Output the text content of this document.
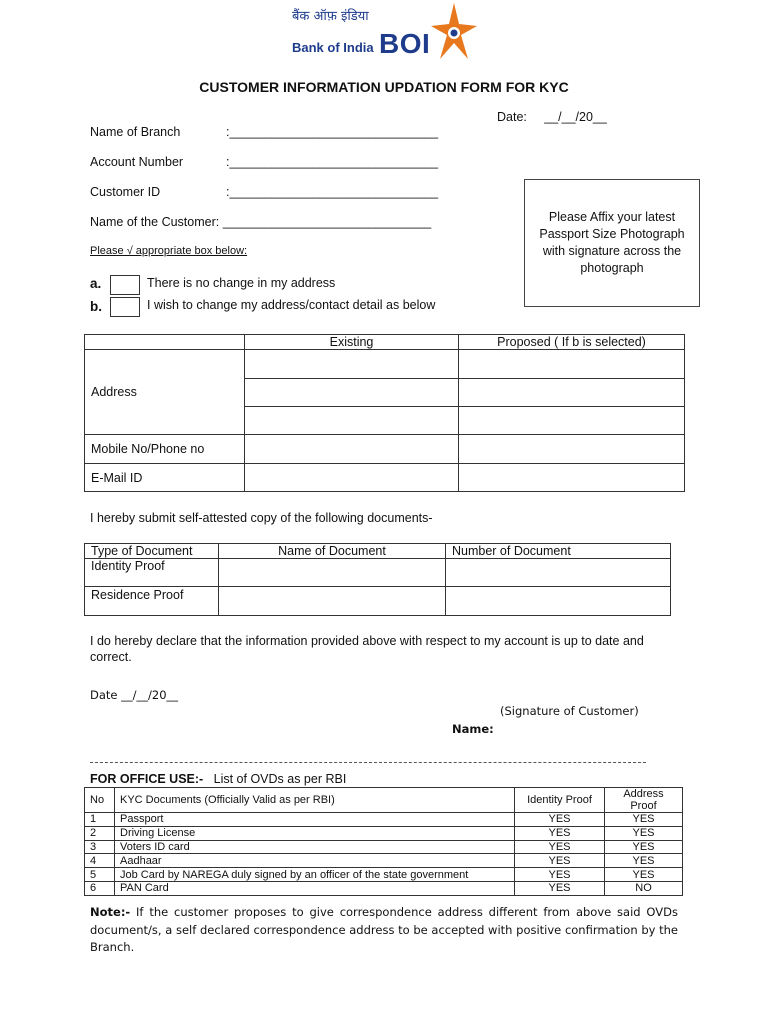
बैंक ऑफ़ इंडिया
Bank of India BOI
CUSTOMER INFORMATION UPDATION FORM FOR KYC
Date:     __/__/20__
Name of Branch	:______________________________
Account Number	:______________________________
Customer ID	:______________________________
Name of the Customer: ______________________________
Please √ appropriate box below:
Please Affix your latest Passport Size Photograph with signature across the photograph
a.	There is no change in my address
b.	I wish to change my address/contact detail as below
	Existing	Proposed ( If b is selected)
Address		

Mobile No/Phone no		
E-Mail ID		
I hereby submit self-attested copy of the following documents-
Type of Document	Name of Document	Number of Document
Identity Proof		
Residence Proof		
I do hereby declare that the information provided above with respect to my account is up to date and correct.
Date __/__/20__
(Signature of Customer)
Name:
FOR OFFICE USE:- List of OVDs as per RBI
No	KYC Documents (Officially Valid as per RBI)	Identity Proof	Address Proof
1	Passport	YES	YES
2	Driving License	YES	YES
3	Voters ID card	YES	YES
4	Aadhaar	YES	YES
5	Job Card by NAREGA duly signed by an officer of the state government	YES	YES
6	PAN Card	YES	NO
Note:- If the customer proposes to give correspondence address different from above said OVDs document/s, a self declared correspondence address to be accepted with positive confirmation by the Branch.
